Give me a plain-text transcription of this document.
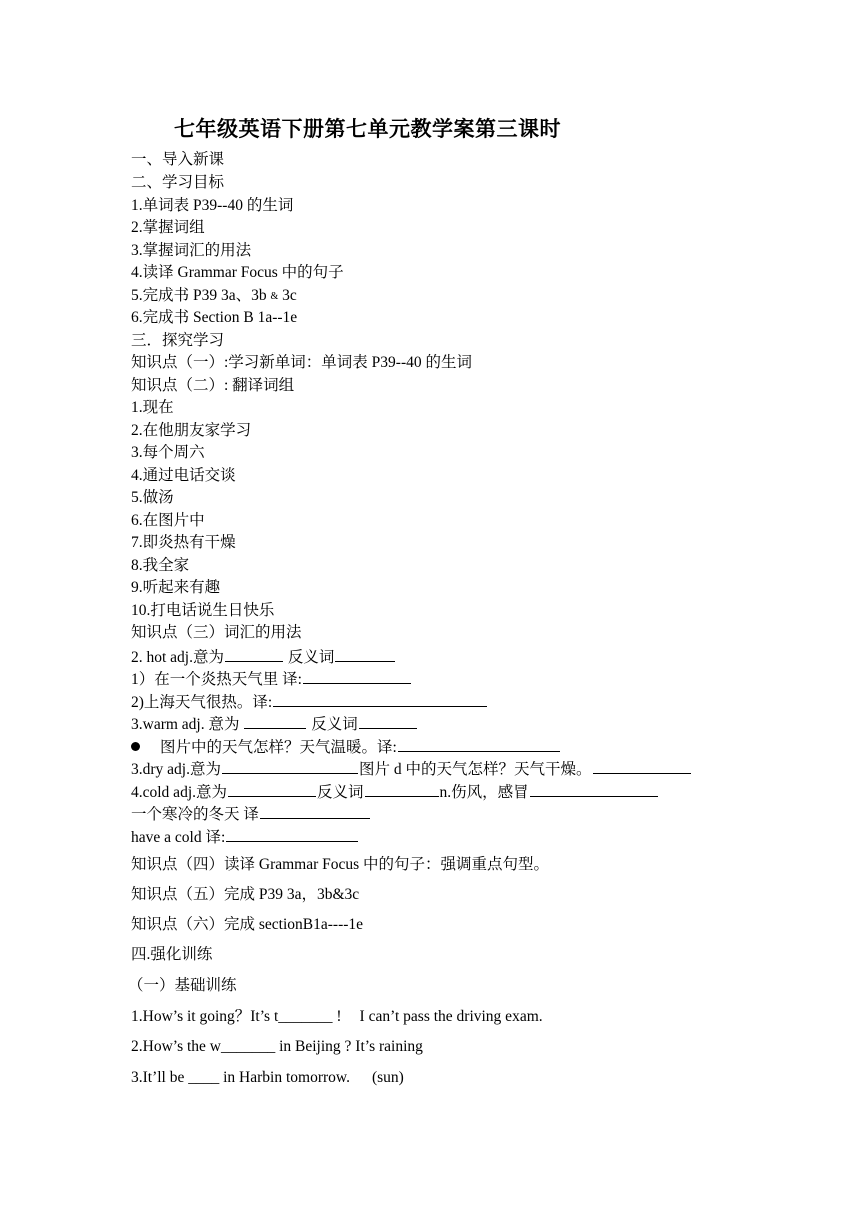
七年级英语下册第七单元教学案第三课时
一、导入新课
二、学习目标
1.单词表 P39--40 的生词
2.掌握词组
3.掌握词汇的用法
4.读译 Grammar Focus 中的句子
5.完成书 P39 3a、3b & 3c
6.完成书 Section B 1a--1e
三．探究学习
知识点（一）:学习新单词：单词表 P39--40 的生词
知识点（二）: 翻译词组
1.现在
2.在他朋友家学习
3.每个周六
4.通过电话交谈
5.做汤
6.在图片中
7.即炎热有干燥
8.我全家
9.听起来有趣
10.打电话说生日快乐
知识点（三）词汇的用法
2. hot adj.意为	反义词
1）在一个炎热天气里 译:
2)上海天气很热。译:
3.warm adj. 意为	反义词
图片中的天气怎样？天气温暖。译:
3.dry adj.意为	图片 d 中的天气怎样？天气干燥。
4.cold adj.意为	反义词	n.伤风，感冒
一个寒冷的冬天 译
have a cold 译:
知识点（四）读译 Grammar Focus 中的句子：强调重点句型。
知识点（五）完成 P39 3a，3b&3c
知识点（六）完成 sectionB1a----1e
四.强化训练
（一）基础训练
1.How’s it going？It’s t_______ ! I can’t pass the driving exam.
2.How’s the w_______ in Beijing ? It’s raining
3.It’ll be ____ in Harbin tomorrow. (sun)
